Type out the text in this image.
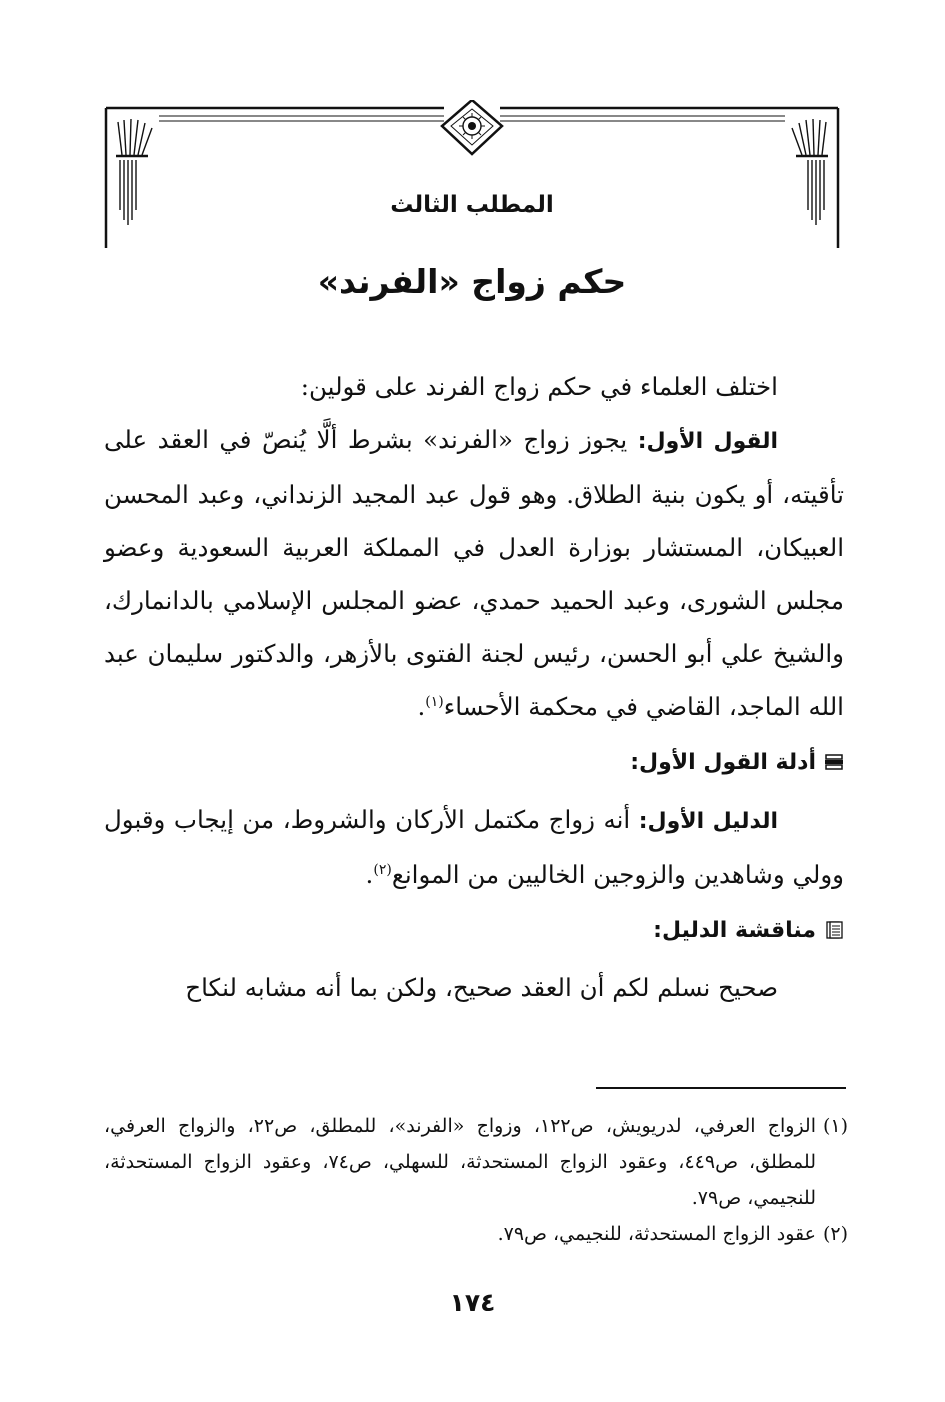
المطلب الثالث
حكم زواج «الفرند»

اختلف العلماء في حكم زواج الفرند على قولين:

القول الأول: يجوز زواج «الفرند» بشرط ألَّا يُنصّ في العقد على تأقيته، أو يكون بنية الطلاق. وهو قول عبد المجيد الزنداني، وعبد المحسن العبيكان، المستشار بوزارة العدل في المملكة العربية السعودية وعضو مجلس الشورى، وعبد الحميد حمدي، عضو المجلس الإسلامي بالدانمارك، والشيخ علي أبو الحسن، رئيس لجنة الفتوى بالأزهر، والدكتور سليمان عبد الله الماجد، القاضي في محكمة الأحساء$^{(١)}$.

أدلة القول الأول:

الدليل الأول: أنه زواج مكتمل الأركان والشروط، من إيجاب وقبول وولي وشاهدين والزوجين الخاليين من الموانع$^{(٢)}$.

مناقشة الدليل:

صحيح نسلم لكم أن العقد صحيح، ولكن بما أنه مشابه لنكاح

(١)
الزواج العرفي، لدريويش، ص١٢٢، وزواج «الفرند»، للمطلق، ص٢٢، والزواج العرفي، للمطلق، ص٤٤٩، وعقود الزواج المستحدثة، للسهلي، ص٧٤، وعقود الزواج المستحدثة، للنجيمي، ص٧٩.

(٢)
عقود الزواج المستحدثة، للنجيمي، ص٧٩.

١٧٤
